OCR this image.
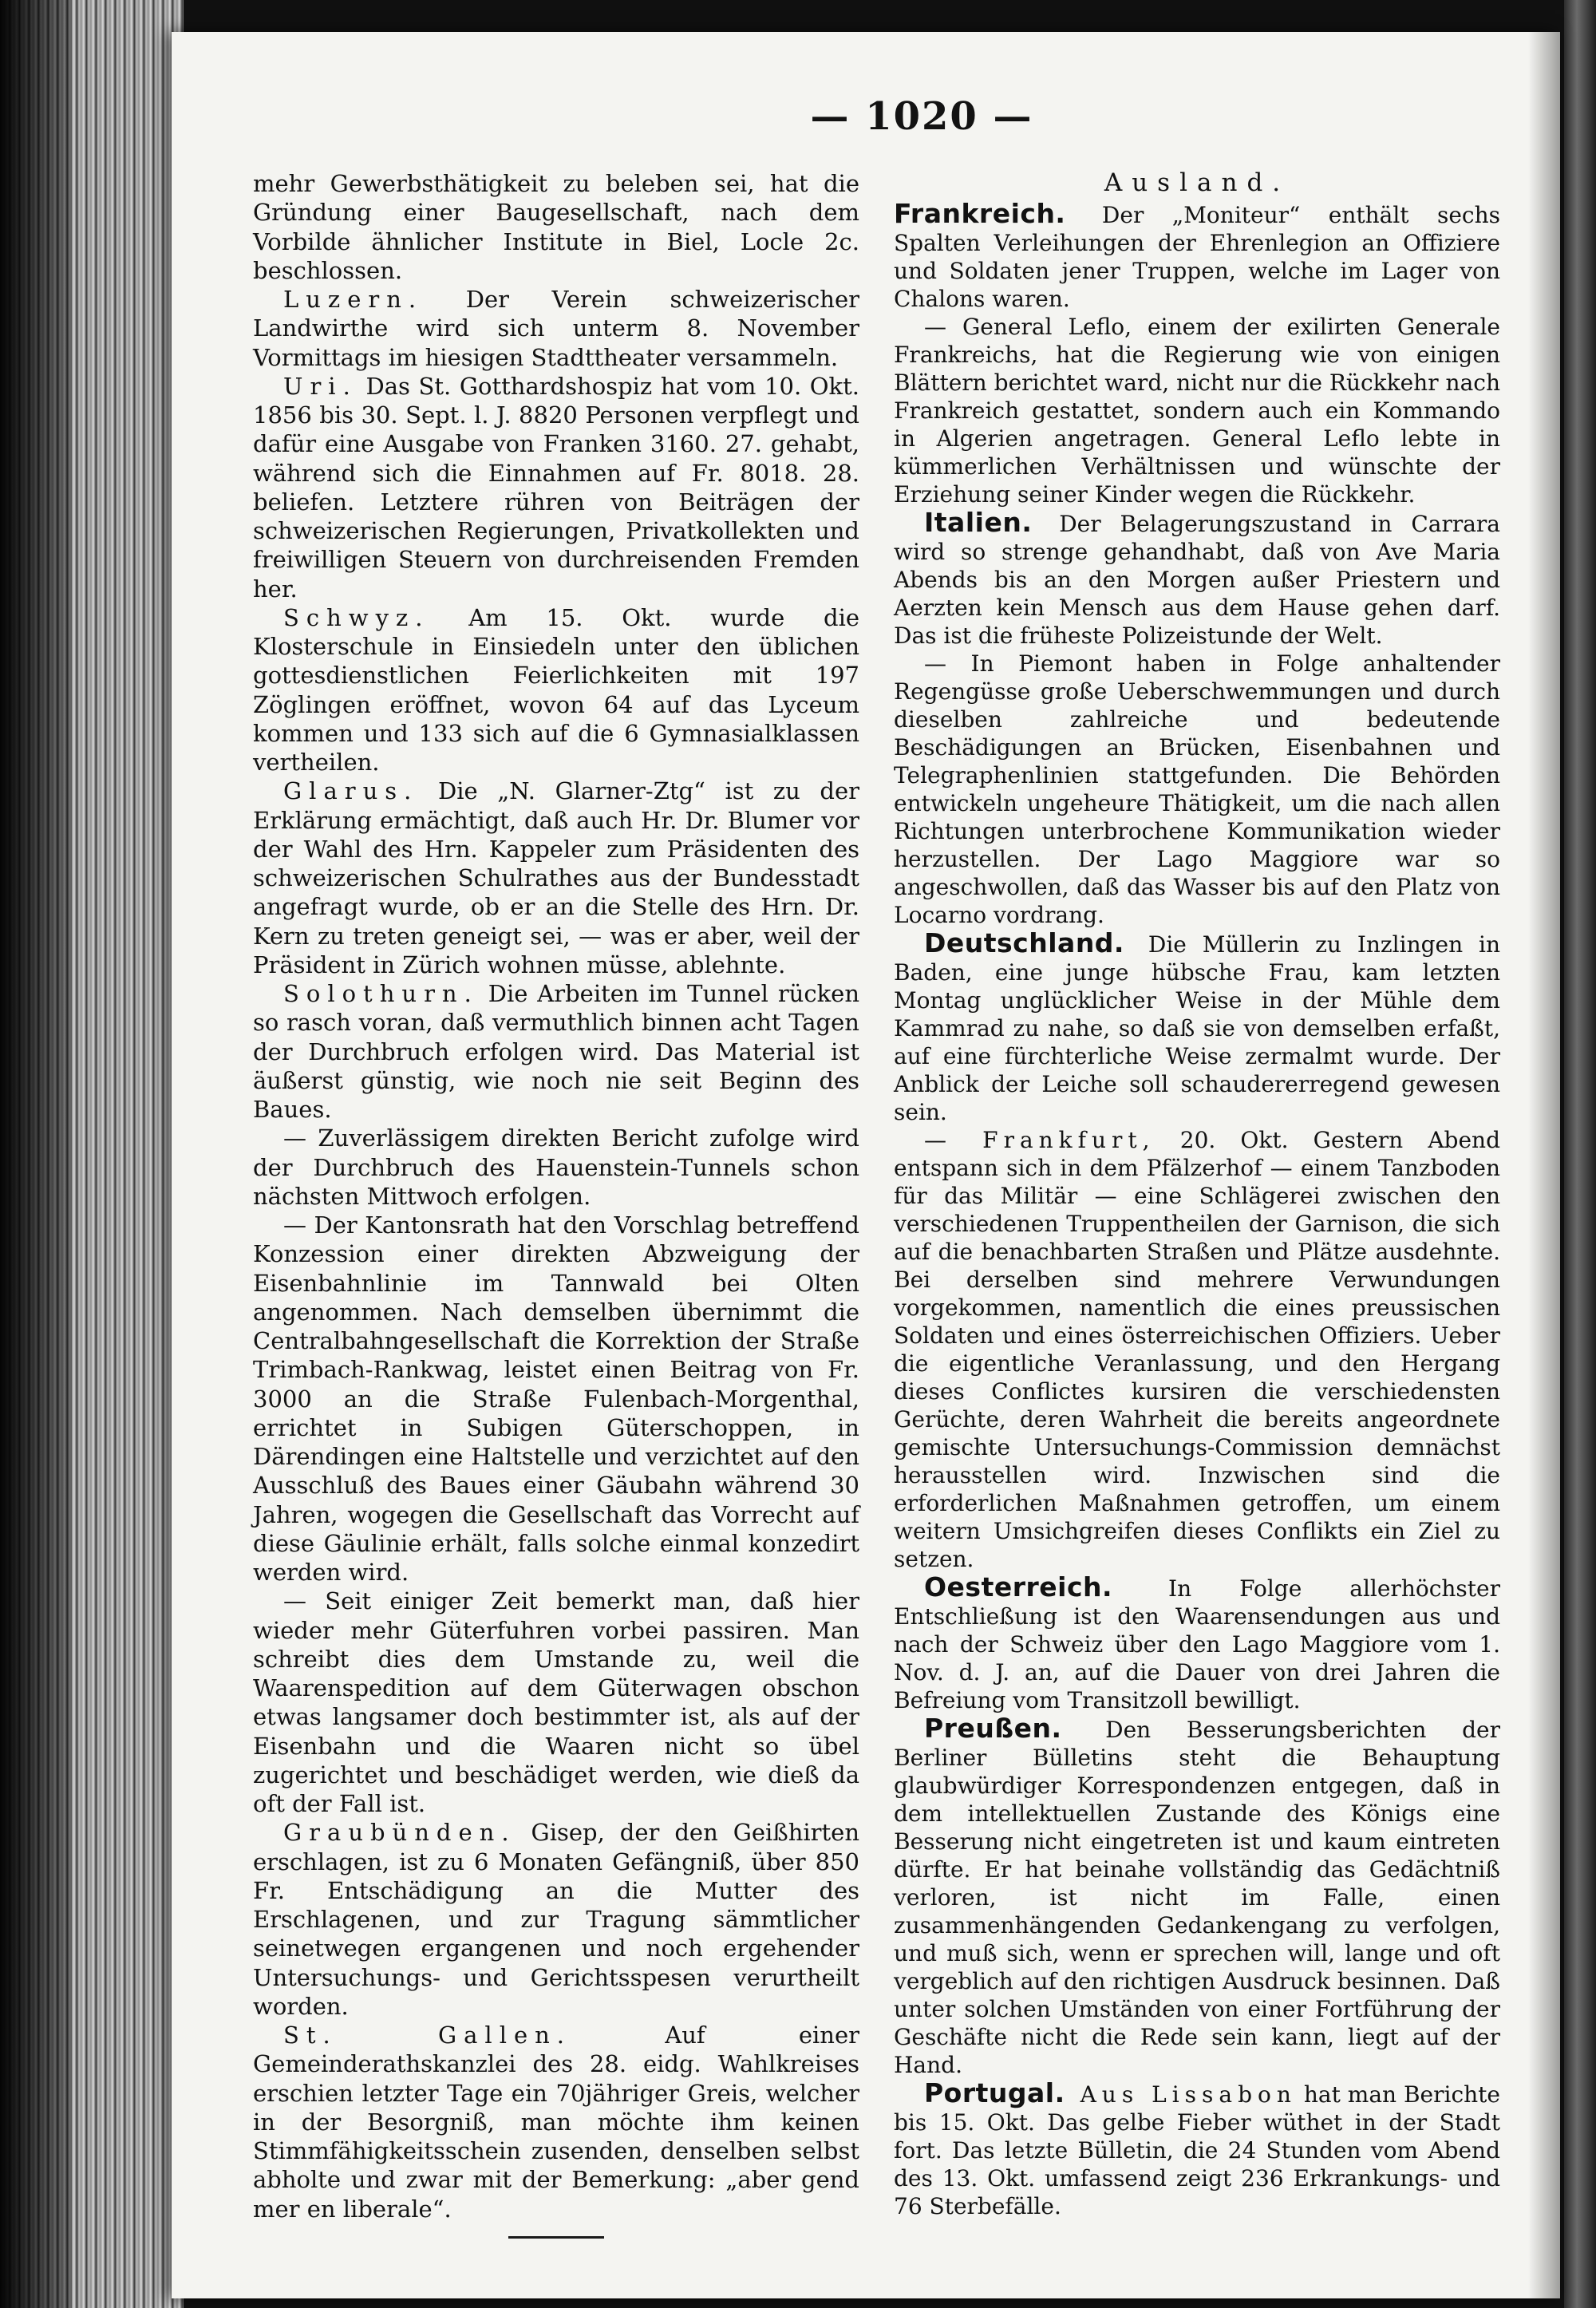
— 1020 —

mehr Gewerbsthätigkeit zu beleben sei, hat die Gründung einer Baugesellschaft, nach dem Vorbilde ähnlicher Institute in Biel, Locle 2c. beschlossen.

Luzern. Der Verein schweizerischer Landwirthe wird sich unterm 8. November Vormittags im hiesigen Stadttheater versammeln.

Uri. Das St. Gotthardshospiz hat vom 10. Okt. 1856 bis 30. Sept. l. J. 8820 Personen verpflegt und dafür eine Ausgabe von Franken 3160. 27. gehabt, während sich die Einnahmen auf Fr. 8018. 28. beliefen. Letztere rühren von Beiträgen der schweizerischen Regierungen, Privatkollekten und freiwilligen Steuern von durchreisenden Fremden her.

Schwyz. Am 15. Okt. wurde die Klosterschule in Einsiedeln unter den üblichen gottesdienstlichen Feierlichkeiten mit 197 Zöglingen eröffnet, wovon 64 auf das Lyceum kommen und 133 sich auf die 6 Gymnasialklassen vertheilen.

Glarus. Die „N. Glarner-Ztg“ ist zu der Erklärung ermächtigt, daß auch Hr. Dr. Blumer vor der Wahl des Hrn. Kappeler zum Präsidenten des schweizerischen Schulrathes aus der Bundesstadt angefragt wurde, ob er an die Stelle des Hrn. Dr. Kern zu treten geneigt sei, — was er aber, weil der Präsident in Zürich wohnen müsse, ablehnte.

Solothurn. Die Arbeiten im Tunnel rücken so rasch voran, daß vermuthlich binnen acht Tagen der Durchbruch erfolgen wird. Das Material ist äußerst günstig, wie noch nie seit Beginn des Baues.

— Zuverlässigem direkten Bericht zufolge wird der Durchbruch des Hauenstein-Tunnels schon nächsten Mittwoch erfolgen.

— Der Kantonsrath hat den Vorschlag betreffend Konzession einer direkten Abzweigung der Eisenbahnlinie im Tannwald bei Olten angenommen. Nach demselben übernimmt die Centralbahngesellschaft die Korrektion der Straße Trimbach-Rankwag, leistet einen Beitrag von Fr. 3000 an die Straße Fulenbach-Morgenthal, errichtet in Subigen Güterschoppen, in Därendingen eine Haltstelle und verzichtet auf den Ausschluß des Baues einer Gäubahn während 30 Jahren, wogegen die Gesellschaft das Vorrecht auf diese Gäulinie erhält, falls solche einmal konzedirt werden wird.

— Seit einiger Zeit bemerkt man, daß hier wieder mehr Güterfuhren vorbei passiren. Man schreibt dies dem Umstande zu, weil die Waarenspedition auf dem Güterwagen obschon etwas langsamer doch bestimmter ist, als auf der Eisenbahn und die Waaren nicht so übel zugerichtet und beschädiget werden, wie dieß da oft der Fall ist.

Graubünden. Gisep, der den Geißhirten erschlagen, ist zu 6 Monaten Gefängniß, über 850 Fr. Entschädigung an die Mutter des Erschlagenen, und zur Tragung sämmtlicher seinetwegen ergangenen und noch ergehender Untersuchungs- und Gerichtsspesen verurtheilt worden.

St. Gallen.	Auf einer Gemeinderathskanzlei des 28. eidg. Wahlkreises erschien letzter Tage ein 70jähriger Greis, welcher in der Besorgniß, man möchte ihm keinen Stimmfähigkeitsschein zusenden, denselben selbst abholte und zwar mit der Bemerkung: „aber gend mer en liberale“.

Ausland.

Frankreich. Der „Moniteur“ enthält sechs Spalten Verleihungen der Ehrenlegion an Offiziere und Soldaten jener Truppen, welche im Lager von Chalons waren.

— General Leflo, einem der exilirten Generale Frankreichs, hat die Regierung wie von einigen Blättern berichtet ward, nicht nur die Rückkehr nach Frankreich gestattet, sondern auch ein Kommando in Algerien angetragen. General Leflo lebte in kümmerlichen Verhältnissen und wünschte der Erziehung seiner Kinder wegen die Rückkehr.

Italien. Der Belagerungszustand in Carrara wird so strenge gehandhabt, daß von Ave Maria Abends bis an den Morgen außer Priestern und Aerzten kein Mensch aus dem Hause gehen darf. Das ist die früheste Polizeistunde der Welt.

— In Piemont haben in Folge anhaltender Regengüsse große Ueberschwemmungen und durch dieselben zahlreiche und bedeutende Beschädigungen an Brücken, Eisenbahnen und Telegraphenlinien stattgefunden. Die Behörden entwickeln ungeheure Thätigkeit, um die nach allen Richtungen unterbrochene Kommunikation wieder herzustellen. Der Lago Maggiore war so angeschwollen, daß das Wasser bis auf den Platz von Locarno vordrang.

Deutschland. Die Müllerin zu Inzlingen in Baden, eine junge hübsche Frau, kam letzten Montag unglücklicher Weise in der Mühle dem Kammrad zu nahe, so daß sie von demselben erfaßt, auf eine fürchterliche Weise zermalmt wurde. Der Anblick der Leiche soll schaudererregend gewesen sein.

— Frankfurt, 20. Okt. Gestern Abend entspann sich in dem Pfälzerhof — einem Tanzboden für das Militär — eine Schlägerei zwischen den verschiedenen Truppentheilen der Garnison, die sich auf die benachbarten Straßen und Plätze ausdehnte. Bei derselben sind mehrere Verwundungen vorgekommen, namentlich die eines preussischen Soldaten und eines österreichischen Offiziers. Ueber die eigentliche Veranlassung, und den Hergang dieses Conflictes kursiren die verschiedensten Gerüchte, deren Wahrheit die bereits angeordnete gemischte Untersuchungs-Commission demnächst herausstellen wird. Inzwischen sind die erforderlichen Maßnahmen getroffen, um einem weitern Umsichgreifen dieses Conflikts ein Ziel zu setzen.

Oesterreich. In Folge allerhöchster Entschließung ist den Waarensendungen aus und nach der Schweiz über den Lago Maggiore vom 1. Nov. d. J. an, auf die Dauer von drei Jahren die Befreiung vom Transitzoll bewilligt.

Preußen. Den Besserungsberichten der Berliner Bülletins steht die Behauptung glaubwürdiger Korrespondenzen entgegen, daß in dem intellektuellen Zustande des Königs eine Besserung nicht eingetreten ist und kaum eintreten dürfte. Er hat beinahe vollständig das Gedächtniß verloren, ist nicht im Falle, einen zusammenhängenden Gedankengang zu verfolgen, und muß sich, wenn er sprechen will, lange und oft vergeblich auf den richtigen Ausdruck besinnen. Daß unter solchen Umständen von einer Fortführung der Geschäfte nicht die Rede sein kann, liegt auf der Hand.

Portugal. Aus Lissabon hat man Berichte bis 15. Okt. Das gelbe Fieber wüthet in der Stadt fort. Das letzte Bülletin, die 24 Stunden vom Abend des 13. Okt. umfassend zeigt 236 Erkrankungs- und 76 Sterbefälle.
